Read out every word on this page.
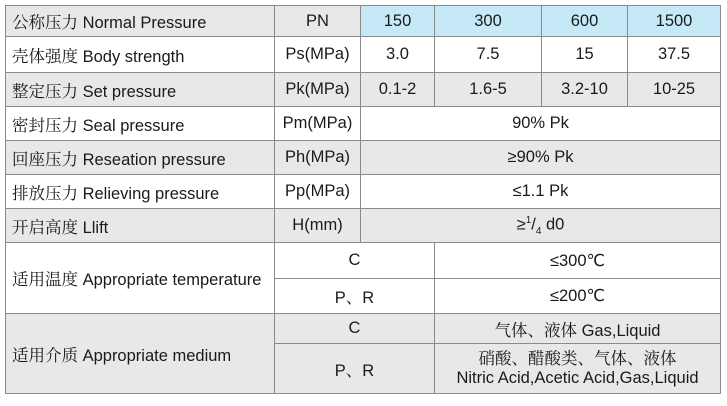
公称压力 Normal Pressure	PN	150	300	600	1500
壳体强度 Body strength	Ps(MPa)	3.0	7.5	15	37.5
整定压力 Set pressure	Pk(MPa)	0.1-2	1.6-5	3.2-10	10-25
密封压力 Seal pressure	Pm(MPa)	90% Pk			
回座压力 Reseation pressure	Ph(MPa)	≥90% Pk			
排放压力 Relieving pressure	Pp(MPa)	≤1.1 Pk			
开启高度 Llift	H(mm)	$\ge^1/_4$ d0			
适用温度 Appropriate temperature	C		≤300℃		
	P、R		≤200℃		
适用介质 Appropriate medium	C		气体、液体 Gas,Liquid		
	P、R		硝酸、醋酸类、气体、液体
Nitric Acid,Acetic Acid,Gas,Liquid		
